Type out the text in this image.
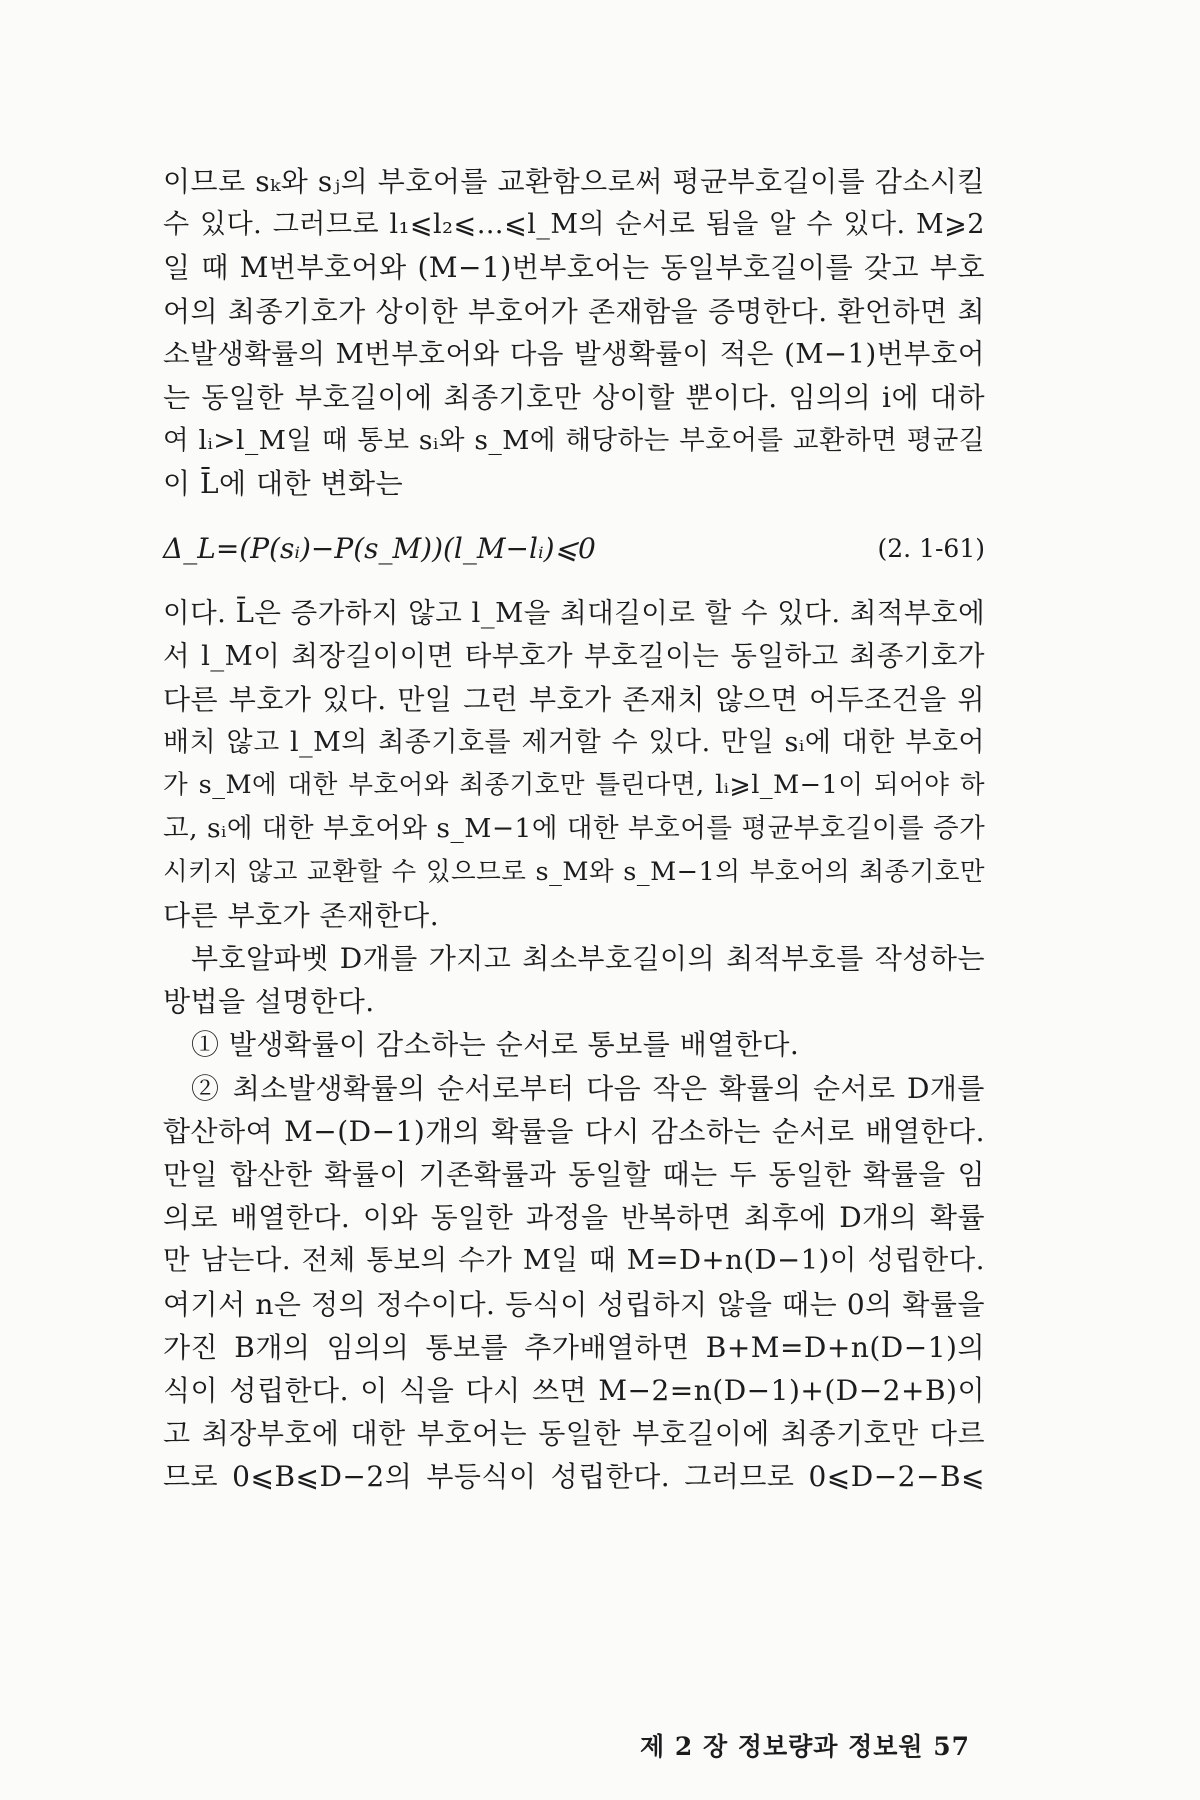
이므로 sₖ와 sⱼ의 부호어를 교환함으로써 평균부호길이를 감소시킬
수 있다. 그러므로 l₁⩽l₂⩽…⩽l_M의 순서로 됨을 알 수 있다. M⩾2
일 때 M번부호어와 (M−1)번부호어는 동일부호길이를 갖고 부호
어의 최종기호가 상이한 부호어가 존재함을 증명한다. 환언하면 최
소발생확률의 M번부호어와 다음 발생확률이 적은 (M−1)번부호어
는 동일한 부호길이에 최종기호만 상이할 뿐이다. 임의의 i에 대하
여 lᵢ>l_M일 때 통보 sᵢ와 s_M에 해당하는 부호어를 교환하면 평균길
이 L̄에 대한 변화는
Δ_L=(P(sᵢ)−P(s_M))(l_M−lᵢ)⩽0	(2. 1-61)
이다. L̄은 증가하지 않고 l_M을 최대길이로 할 수 있다. 최적부호에
서 l_M이 최장길이이면 타부호가 부호길이는 동일하고 최종기호가
다른 부호가 있다. 만일 그런 부호가 존재치 않으면 어두조건을 위
배치 않고 l_M의 최종기호를 제거할 수 있다. 만일 sᵢ에 대한 부호어
가 s_M에 대한 부호어와 최종기호만 틀린다면, lᵢ⩾l_M−1이 되어야 하
고, sᵢ에 대한 부호어와 s_M−1에 대한 부호어를 평균부호길이를 증가
시키지 않고 교환할 수 있으므로 s_M와 s_M−1의 부호어의 최종기호만
다른 부호가 존재한다.
부호알파벳 D개를 가지고 최소부호길이의 최적부호를 작성하는
방법을 설명한다.
① 발생확률이 감소하는 순서로 통보를 배열한다.
② 최소발생확률의 순서로부터 다음 작은 확률의 순서로 D개를
합산하여 M−(D−1)개의 확률을 다시 감소하는 순서로 배열한다.
만일 합산한 확률이 기존확률과 동일할 때는 두 동일한 확률을 임
의로 배열한다. 이와 동일한 과정을 반복하면 최후에 D개의 확률
만 남는다. 전체 통보의 수가 M일 때 M=D+n(D−1)이 성립한다.
여기서 n은 정의 정수이다. 등식이 성립하지 않을 때는 0의 확률을
가진 B개의 임의의 통보를 추가배열하면 B+M=D+n(D−1)의
식이 성립한다. 이 식을 다시 쓰면 M−2=n(D−1)+(D−2+B)이
고 최장부호에 대한 부호어는 동일한 부호길이에 최종기호만 다르
므로 0⩽B⩽D−2의 부등식이 성립한다. 그러므로 0⩽D−2−B⩽
제 2 장 정보량과 정보원 57
